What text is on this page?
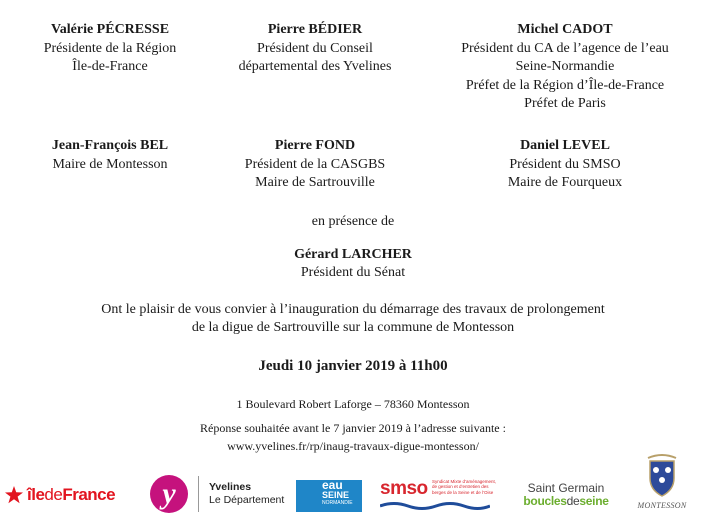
Valérie PÉCRESSE
Présidente de la Région
Île-de-France
Pierre BÉDIER
Président du Conseil
départemental des Yvelines
Michel CADOT
Président du CA de l’agence de l’eau
Seine-Normandie
Préfet de la Région d’Île-de-France
Préfet de Paris
Jean-François BEL
Maire de Montesson
Pierre FOND
Président de la CASGBS
Maire de Sartrouville
Daniel LEVEL
Président du SMSO
Maire de Fourqueux
en présence de
Gérard LARCHER
Président du Sénat
Ont le plaisir de vous convier à l’inauguration du démarrage des travaux de prolongement
de la digue de Sartrouville sur la commune de Montesson
Jeudi 10 janvier 2019 à 11h00
1 Boulevard Robert Laforge – 78360 Montesson
Réponse souhaitée avant le 7 janvier 2019 à l’adresse suivante :
www.yvelines.fr/rp/inaug-travaux-digue-montesson/
îledeFrance y	Yvelines
Le Département
eau
SEINE
NORMANDIE
smso Syndicat Mixte d’aménagement, de gestion et d’entretien des berges de la Seine et de l’Oise	Saint Germain
bouclesdeseine	MONTESSON
